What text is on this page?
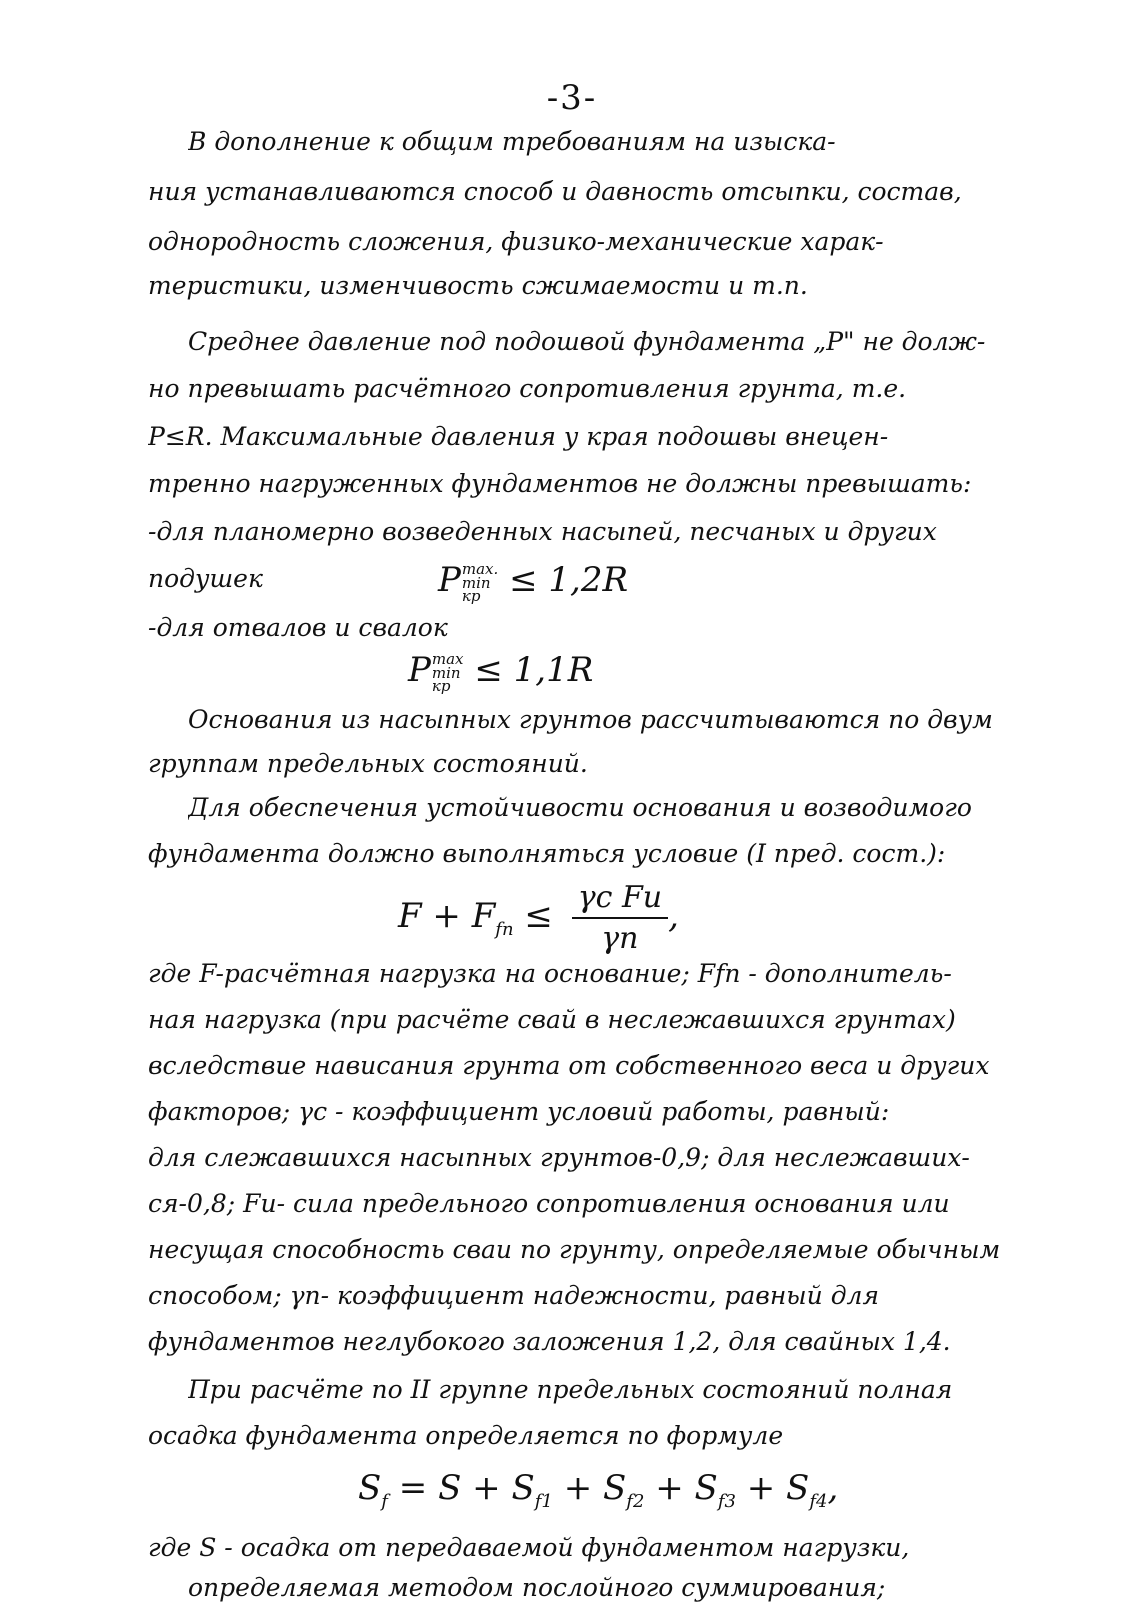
-3-

В дополнение к общим требованиям на изыска-

ния устанавливаются способ и давность отсыпки, состав,

однородность сложения, физико-механические харак-

теристики, изменчивость сжимаемости и т.п.

Среднее давление под подошвой фундамента „P" не долж-

но превышать расчётного сопротивления грунта, т.е.

P≤R. Максимальные давления у края подошвы внецен-

тренно нагруженных фундаментов не должны превышать:

-для планомерно возведенных насыпей, песчаных и других

подушек	P max.
min
кр ≤ 1,2R

-для отвалов и свалок

P max
min
кр ≤ 1,1R

Основания из насыпных грунтов рассчитываются по двум

группам предельных состояний.

Для обеспечения устойчивости основания и возводимого

фундамента должно выполняться условие (I пред. сост.):

$F + F_{fn} \le \frac{\text{γc Fu}}{\gamma n}$ ,

где F-расчётная нагрузка на основание; Ffn - дополнитель-

ная нагрузка (при расчёте свай в неслежавшихся грунтах)

вследствие нависания грунта от собственного веса и других

факторов; γc - коэффициент условий работы, равный:

для слежавшихся насыпных грунтов-0,9; для неслежавших-

ся-0,8; Fu- сила предельного сопротивления основания или

несущая способность сваи по грунту, определяемые обычным

способом; γn- коэффициент надежности, равный для

фундаментов неглубокого заложения 1,2, для свайных 1,4.

При расчёте по II группе предельных состояний полная

осадка фундамента определяется по формуле

$S_f = S + S_{f1} + S_{f2} + S_{f3} + S_{f4}$,

где S - осадка от передаваемой фундаментом нагрузки,

определяемая методом послойного суммирования;
